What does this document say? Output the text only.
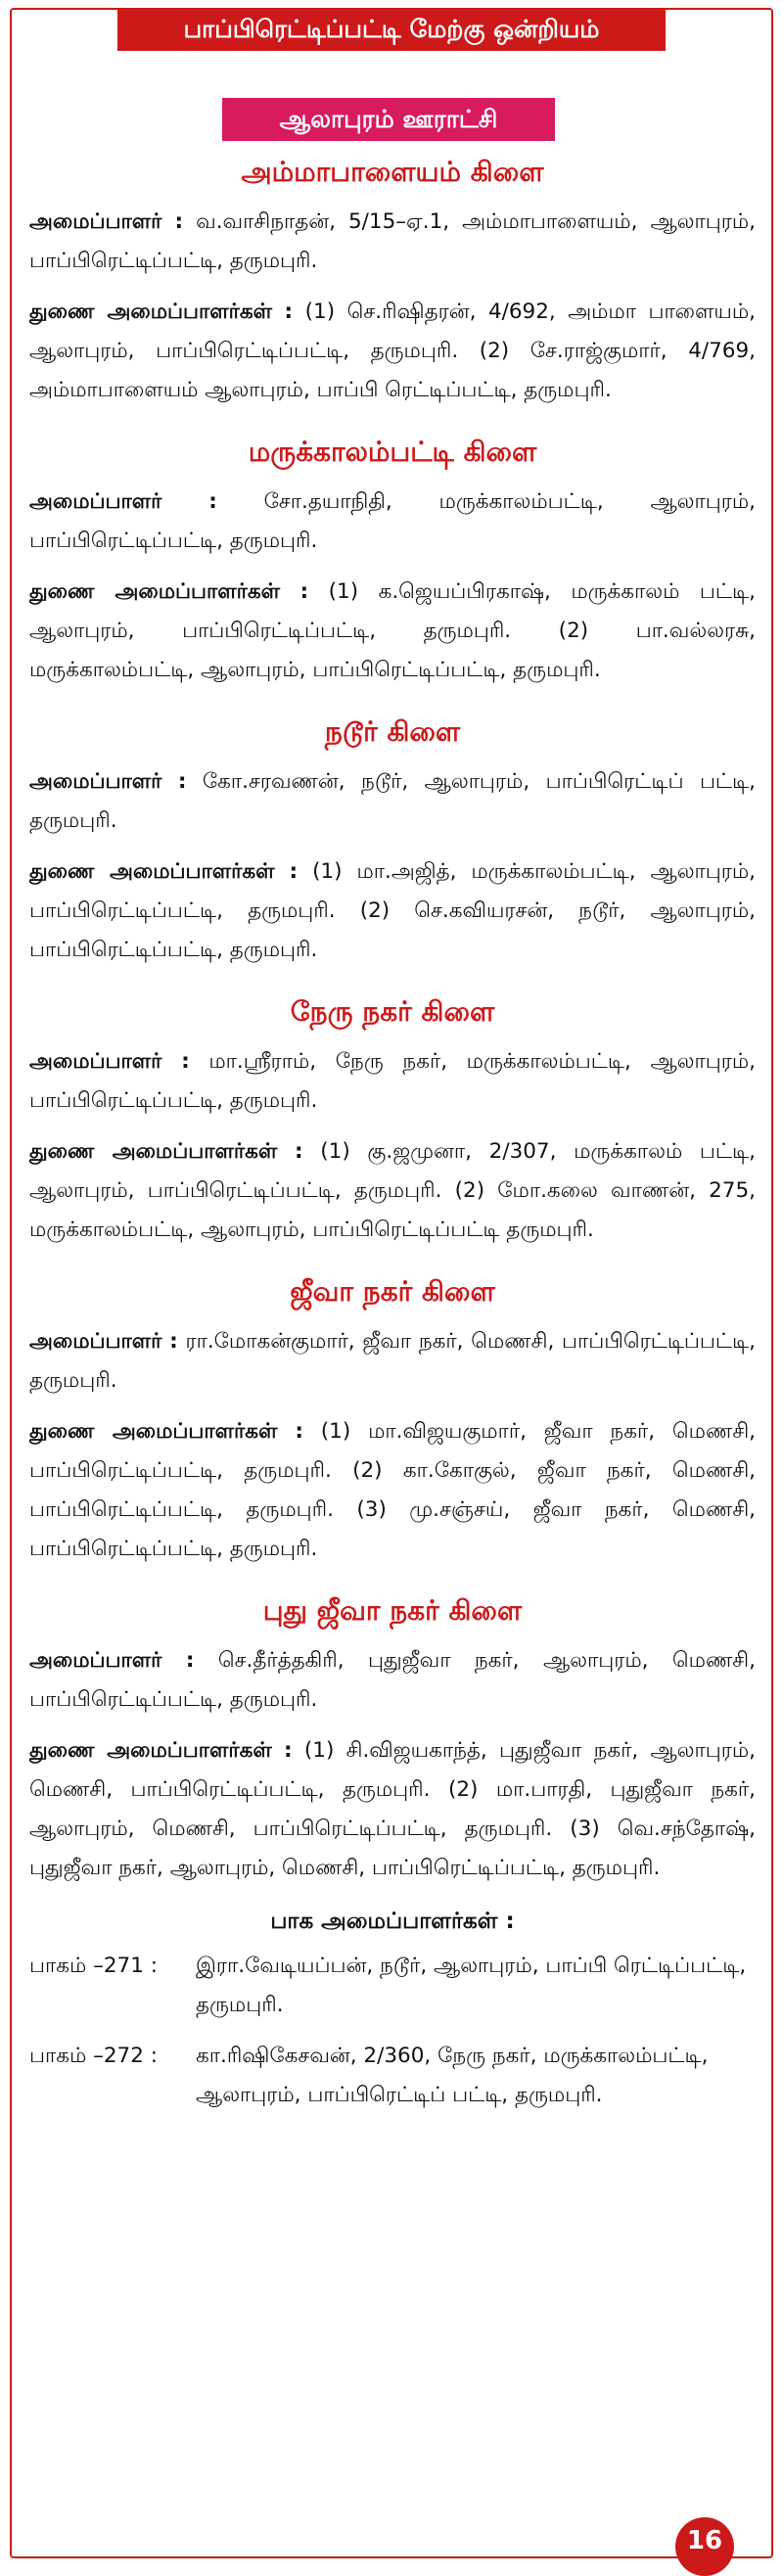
பாப்பிரெட்டிப்பட்டி மேற்கு ஒன்றியம்
ஆலாபுரம் ஊராட்சி
அம்மாபாளையம் கிளை

அமைப்பாளர் : வ.வாசிநாதன், 5/15–ஏ.1, அம்மாபாளையம், ஆலாபுரம், பாப்பிரெட்டிப்பட்டி, தருமபுரி.

துணை அமைப்பாளர்கள் : (1) செ.ரிஷிதரன், 4/692, அம்மா பாளையம், ஆலாபுரம், பாப்பிரெட்டிப்பட்டி, தருமபுரி. (2) சே.ராஜ்குமார், 4/769, அம்மாபாளையம் ஆலாபுரம், பாப்பி ரெட்டிப்பட்டி, தருமபுரி.

மருக்காலம்பட்டி கிளை

அமைப்பாளர் : சோ.தயாநிதி, மருக்காலம்பட்டி, ஆலாபுரம், பாப்பிரெட்டிப்பட்டி, தருமபுரி.

துணை அமைப்பாளர்கள் : (1) க.ஜெயப்பிரகாஷ், மருக்காலம் பட்டி, ஆலாபுரம், பாப்பிரெட்டிப்பட்டி, தருமபுரி. (2) பா.வல்லரசு, மருக்காலம்பட்டி, ஆலாபுரம், பாப்பிரெட்டிப்பட்டி, தருமபுரி.

நடூர் கிளை

அமைப்பாளர் : கோ.சரவணன், நடூர், ஆலாபுரம், பாப்பிரெட்டிப் பட்டி, தருமபுரி.

துணை அமைப்பாளர்கள் : (1) மா.அஜித், மருக்காலம்பட்டி, ஆலாபுரம், பாப்பிரெட்டிப்பட்டி, தருமபுரி. (2) செ.கவியரசன், நடூர், ஆலாபுரம், பாப்பிரெட்டிப்பட்டி, தருமபுரி.

நேரு நகர் கிளை

அமைப்பாளர் : மா.ஸ்ரீராம், நேரு நகர், மருக்காலம்பட்டி, ஆலாபுரம், பாப்பிரெட்டிப்பட்டி, தருமபுரி.

துணை அமைப்பாளர்கள் : (1) கு.ஜமுனா, 2/307, மருக்காலம் பட்டி, ஆலாபுரம், பாப்பிரெட்டிப்பட்டி, தருமபுரி. (2) மோ.கலை வாணன், 275, மருக்காலம்பட்டி, ஆலாபுரம், பாப்பிரெட்டிப்பட்டி தருமபுரி.

ஜீவா நகர் கிளை

அமைப்பாளர் : ரா.மோகன்குமார், ஜீவா நகர், மெணசி, பாப்பிரெட்டிப்பட்டி, தருமபுரி.

துணை அமைப்பாளர்கள் : (1) மா.விஜயகுமார், ஜீவா நகர், மெணசி, பாப்பிரெட்டிப்பட்டி, தருமபுரி. (2) கா.கோகுல், ஜீவா நகர், மெணசி, பாப்பிரெட்டிப்பட்டி, தருமபுரி. (3) மு.சஞ்சய், ஜீவா நகர், மெணசி, பாப்பிரெட்டிப்பட்டி, தருமபுரி.

புது ஜீவா நகர் கிளை

அமைப்பாளர் : செ.தீர்த்தகிரி, புதுஜீவா நகர், ஆலாபுரம், மெணசி, பாப்பிரெட்டிப்பட்டி, தருமபுரி.

துணை அமைப்பாளர்கள் : (1) சி.விஜயகாந்த், புதுஜீவா நகர், ஆலாபுரம், மெணசி, பாப்பிரெட்டிப்பட்டி, தருமபுரி. (2) மா.பாரதி, புதுஜீவா நகர், ஆலாபுரம், மெணசி, பாப்பிரெட்டிப்பட்டி, தருமபுரி. (3) வெ.சந்தோஷ், புதுஜீவா நகர், ஆலாபுரம், மெணசி, பாப்பிரெட்டிப்பட்டி, தருமபுரி.

பாக அமைப்பாளர்கள் :
பாகம் –271 :	இரா.வேடியப்பன், நடூர், ஆலாபுரம், பாப்பி ரெட்டிப்பட்டி, தருமபுரி.
பாகம் –272 :	கா.ரிஷிகேசவன், 2/360, நேரு நகர், மருக்காலம்பட்டி, ஆலாபுரம், பாப்பிரெட்டிப் பட்டி, தருமபுரி.
16
